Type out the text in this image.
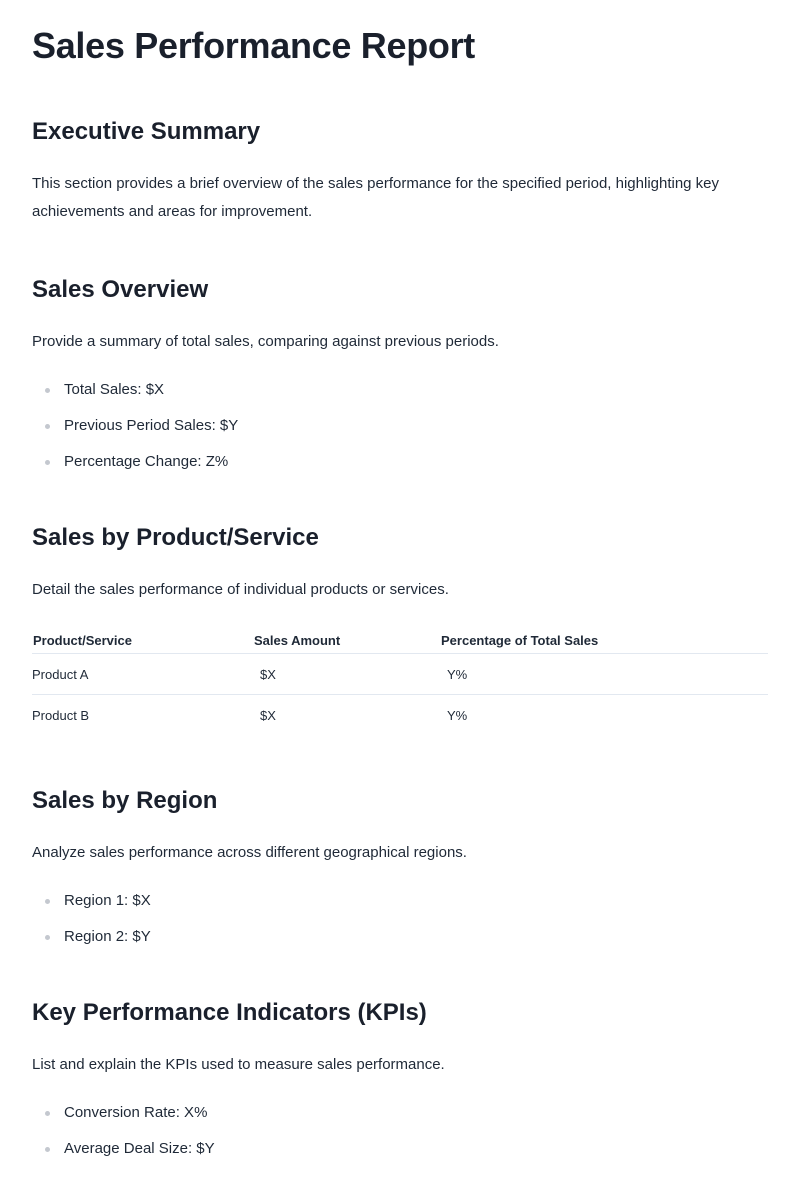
Sales Performance Report
Executive Summary

This section provides a brief overview of the sales performance for the specified period, highlighting key achievements and areas for improvement.

Sales Overview

Provide a summary of total sales, comparing against previous periods.

Total Sales: $X
Previous Period Sales: $Y
Percentage Change: Z%
Sales by Product/Service

Detail the sales performance of individual products or services.

Product/Service	Sales Amount	Percentage of Total Sales
Product A	$X	Y%
Product B	$X	Y%
Sales by Region

Analyze sales performance across different geographical regions.

Region 1: $X
Region 2: $Y
Key Performance Indicators (KPIs)

List and explain the KPIs used to measure sales performance.

Conversion Rate: X%
Average Deal Size: $Y
